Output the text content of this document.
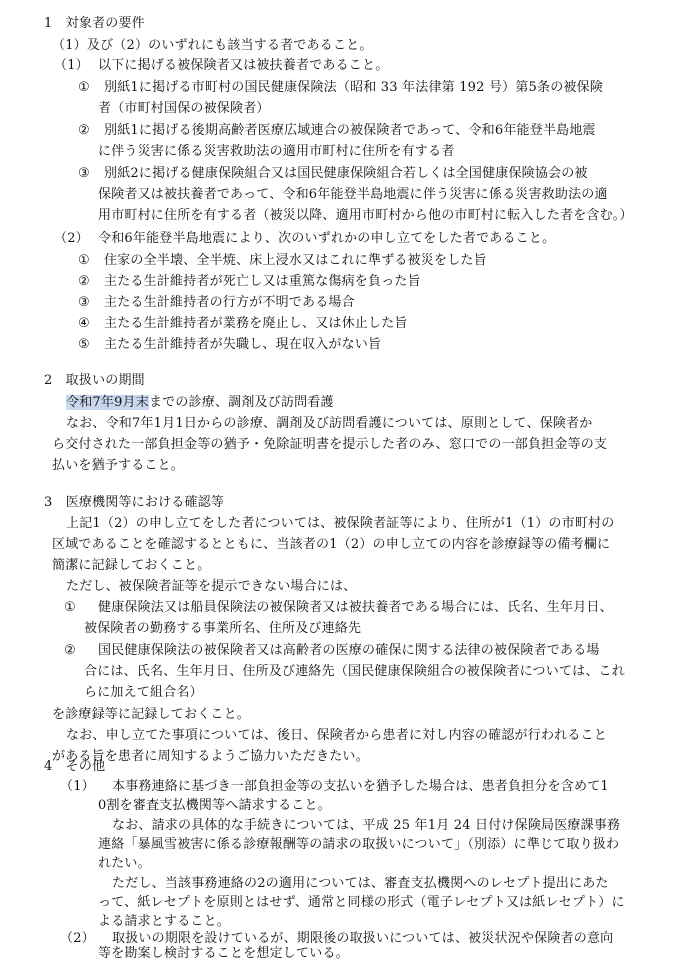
1　対象者の要件
（1）及び（2）のいずれにも該当する者であること。
（1） 以下に掲げる被保険者又は被扶養者であること。
① 別紙1に掲げる市町村の国民健康保険法（昭和 33 年法律第 192 号）第5条の被保険
者（市町村国保の被保険者）
② 別紙1に掲げる後期高齢者医療広域連合の被保険者であって、令和6年能登半島地震
に伴う災害に係る災害救助法の適用市町村に住所を有する者
③ 別紙2に掲げる健康保険組合又は国民健康保険組合若しくは全国健康保険協会の被
保険者又は被扶養者であって、令和6年能登半島地震に伴う災害に係る災害救助法の適
用市町村に住所を有する者（被災以降、適用市町村から他の市町村に転入した者を含む。）
（2） 令和6年能登半島地震により、次のいずれかの申し立てをした者であること。
① 住家の全半壊、全半焼、床上浸水又はこれに準ずる被災をした旨
② 主たる生計維持者が死亡し又は重篤な傷病を負った旨
③ 主たる生計維持者の行方が不明である場合
④ 主たる生計維持者が業務を廃止し、又は休止した旨
⑤ 主たる生計維持者が失職し、現在収入がない旨
2　取扱いの期間
令和7年9月末までの診療、調剤及び訪問看護
なお、令和7年1月1日からの診療、調剤及び訪問看護については、原則として、保険者か
ら交付された一部負担金等の猶予・免除証明書を提示した者のみ、窓口での一部負担金等の支
払いを猶予すること。
3　医療機関等における確認等
上記1（2）の申し立てをした者については、被保険者証等により、住所が1（1）の市町村の
区域であることを確認するとともに、当該者の1（2）の申し立ての内容を診療録等の備考欄に
簡潔に記録しておくこと。
ただし、被保険者証等を提示できない場合には、
① 健康保険法又は船員保険法の被保険者又は被扶養者である場合には、氏名、生年月日、
被保険者の勤務する事業所名、住所及び連絡先
② 国民健康保険法の被保険者又は高齢者の医療の確保に関する法律の被保険者である場
合には、氏名、生年月日、住所及び連絡先（国民健康保険組合の被保険者については、これ
らに加えて組合名）
を診療録等に記録しておくこと。
なお、申し立てた事項については、後日、保険者から患者に対し内容の確認が行われること
がある旨を患者に周知するようご協力いただきたい。
4　その他
（1） 本事務連絡に基づき一部負担金等の支払いを猶予した場合は、患者負担分を含めて1
0割を審査支払機関等へ請求すること。
なお、請求の具体的な手続きについては、平成 25 年1月 24 日付け保険局医療課事務
連絡「暴風雪被害に係る診療報酬等の請求の取扱いについて」（別添）に準じて取り扱わ
れたい。
ただし、当該事務連絡の2の適用については、審査支払機関へのレセプト提出にあた
って、紙レセプトを原則とはせず、通常と同様の形式（電子レセプト又は紙レセプト）に
よる請求とすること。
（2） 取扱いの期限を設けているが、期限後の取扱いについては、被災状況や保険者の意向
等を勘案し検討することを想定している。
